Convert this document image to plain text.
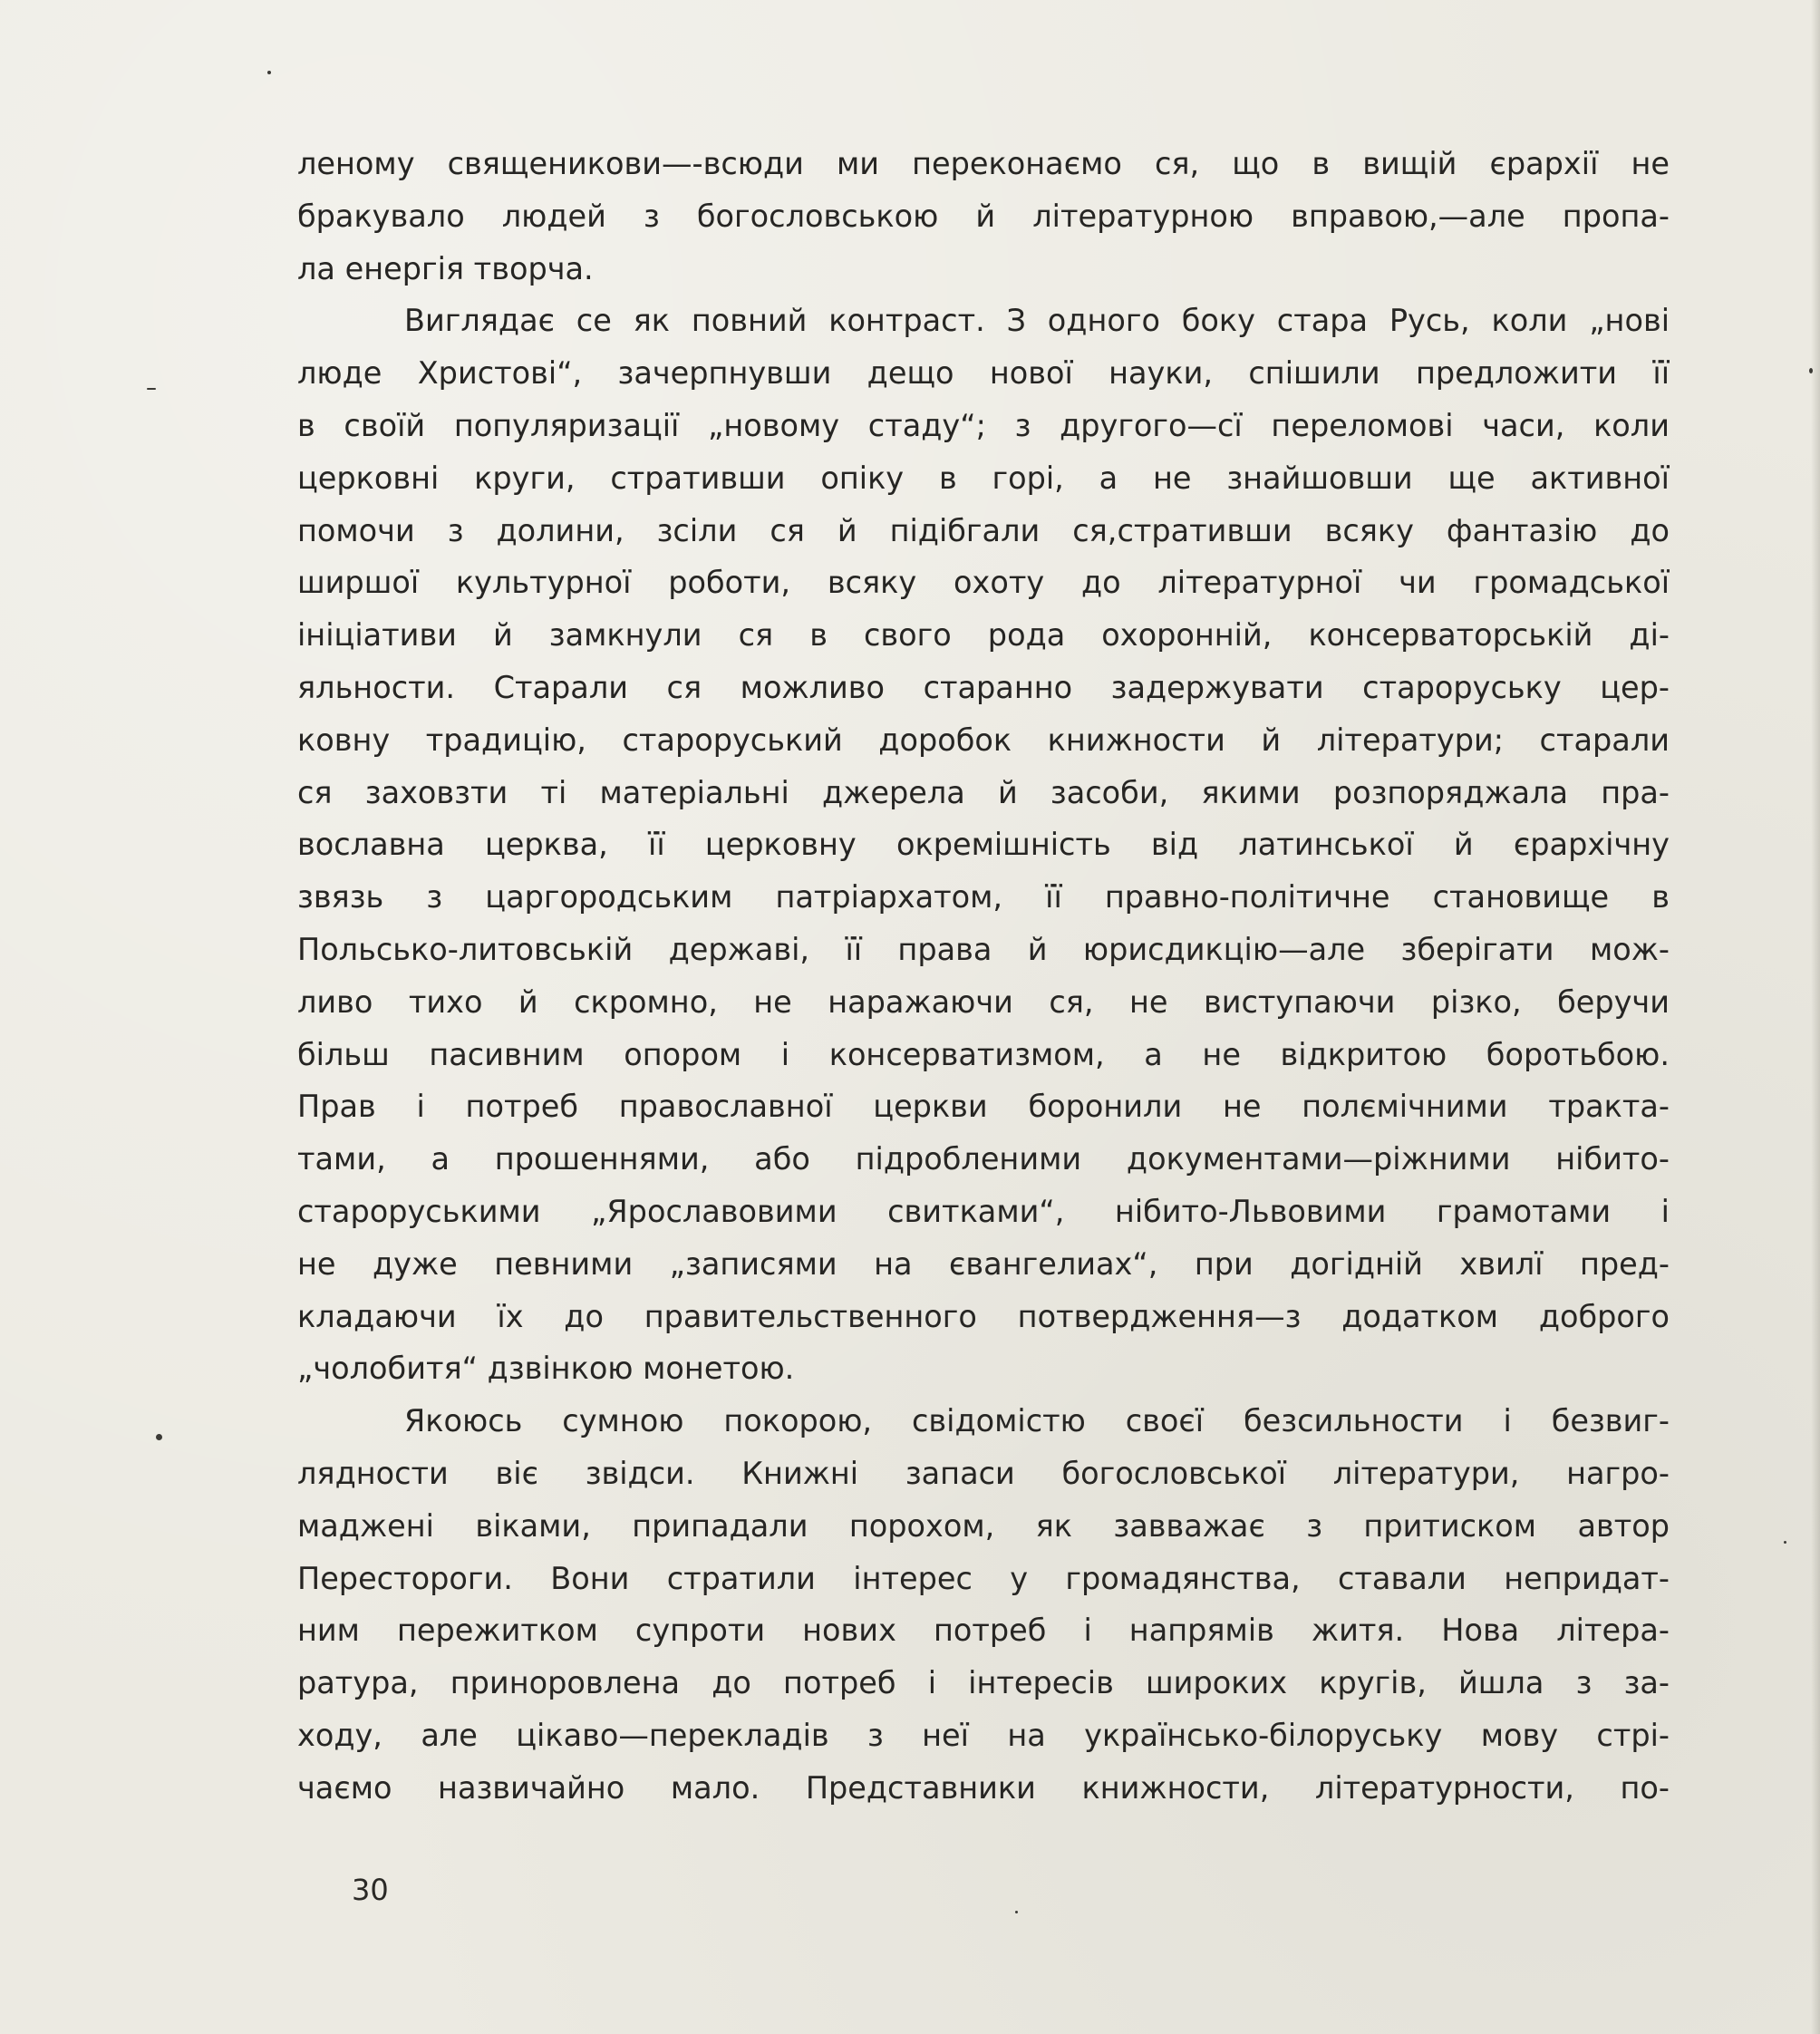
леному священикови—-всюди ми переконаємо ся, що в вищій єрархії не
бракувало людей з богословською й літературною вправою,—але пропа-
ла енергія творча.
Виглядає се як повний контраст. З одного боку стара Русь, коли „нові
люде Христові“, зачерпнувши дещо нової науки, спішили предложити її
в своїй популяризації „новому стаду“; з другого—сї переломові часи, коли
церковні круги, стративши опіку в горі, а не знайшовши ще активної
помочи з долини, зсіли ся й підібгали ся,стративши всяку фантазію до
ширшої культурної роботи, всяку охоту до літературної чи громадської
ініціативи й замкнули ся в свого рода охоронній, консерваторській ді-
яльности. Старали ся можливо старанно задержувати староруську цер-
ковну традицію, староруський доробок книжности й літератури; старали
ся заховзти ті матеріальні джерела й засоби, якими розпоряджала пра-
вославна церква, її церковну окремішність від латинської й єрархічну
звязь з царгородським патріархатом, її правно-політичне становище в
Польсько-литовській державі, її права й юрисдикцію—але зберігати мож-
ливо тихо й скромно, не наражаючи ся, не виступаючи різко, беручи
більш пасивним опором і консерватизмом, а не відкритою боротьбою.
Прав і потреб православної церкви боронили не полємічними тракта-
тами, а прошеннями, або підробленими документами—ріжними нібито-
староруськими „Ярославовими свитками“, нібито-Львовими грамотами і
не дуже певними „записями на євангелиах“, при догідній хвилї пред-
кладаючи їх до правительственного потвердження—з додатком доброго
„чолобитя“ дзвінкою монетою.
Якоюсь сумною покорою, свідомістю своєї безсильности і безвиг-
лядности віє звідси. Книжні запаси богословської літератури, нагро-
маджені віками, припадали порохом, як завважає з притиском автор
Перестороги. Вони стратили інтерес у громадянства, ставали непридат-
ним пережитком супроти нових потреб і напрямів житя. Нова літера-
ратура, приноровлена до потреб і інтересів широких кругів, йшла з за-
ходу, але цікаво—перекладів з неї на українсько-білоруську мову стрі-
чаємо назвичайно мало. Представники книжности, літературности, по-
30
